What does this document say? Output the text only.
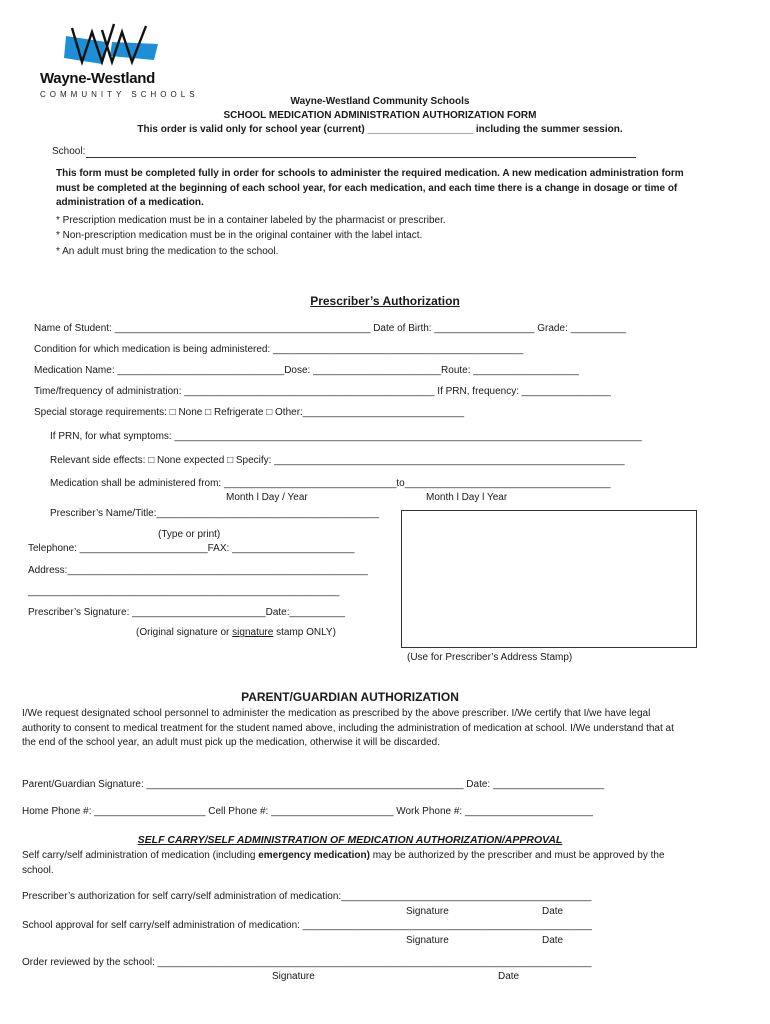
Wayne-Westland
COMMUNITY SCHOOLS
Wayne-Westland Community Schools
SCHOOL MEDICATION ADMINISTRATION AUTHORIZATION FORM
This order is valid only for school year (current) ___________________ including the summer session.
School:
This form must be completed fully in order for schools to administer the required medication. A new medication administration form must be completed at the beginning of each school year, for each medication, and each time there is a change in dosage or time of administration of a medication.
* Prescription medication must be in a container labeled by the pharmacist or prescriber.
* Non-prescription medication must be in the original container with the label intact.
* An adult must bring the medication to the school.
Prescriber’s Authorization
Name of Student: ______________________________________________ Date of Birth: __________________ Grade: __________
Condition for which medication is being administered: _____________________________________________
Medication Name: ______________________________Dose: _______________________Route: ___________________
Time/frequency of administration: _____________________________________________ If PRN, frequency: ________________
Special storage requirements: □ None □ Refrigerate □ Other:_____________________________
If PRN, for what symptoms: ____________________________________________________________________________________
Relevant side effects: □ None expected □ Specify: _______________________________________________________________
Medication shall be administered from: _______________________________to_____________________________________
Month l Day / Year	Month l Day l Year
Prescriber’s Name/Title:________________________________________
(Type or print)
Telephone: _______________________FAX: ______________________
Address:______________________________________________________
________________________________________________________
Prescriber’s Signature: ________________________Date:__________
(Original signature or signature stamp ONLY)
(Use for Prescriber’s Address Stamp)
PARENT/GUARDIAN AUTHORIZATION
I/We request designated school personnel to administer the medication as prescribed by the above prescriber. I/We certify that I/we have legal authority to consent to medical treatment for the student named above, including the administration of medication at school. I/We understand that at the end of the school year, an adult must pick up the medication, otherwise it will be discarded.
Parent/Guardian Signature: _________________________________________________________ Date: ____________________
Home Phone #: ____________________ Cell Phone #: ______________________ Work Phone #: _______________________
SELF CARRY/SELF ADMINISTRATION OF MEDICATION AUTHORIZATION/APPROVAL
Self carry/self administration of medication (including emergency medication) may be authorized by the prescriber and must be approved by the school.
Prescriber’s authorization for self carry/self administration of medication:_____________________________________________
Signature	Date
School approval for self carry/self administration of medication: ____________________________________________________
Signature	Date
Order reviewed by the school: ______________________________________________________________________________
Signature	Date
